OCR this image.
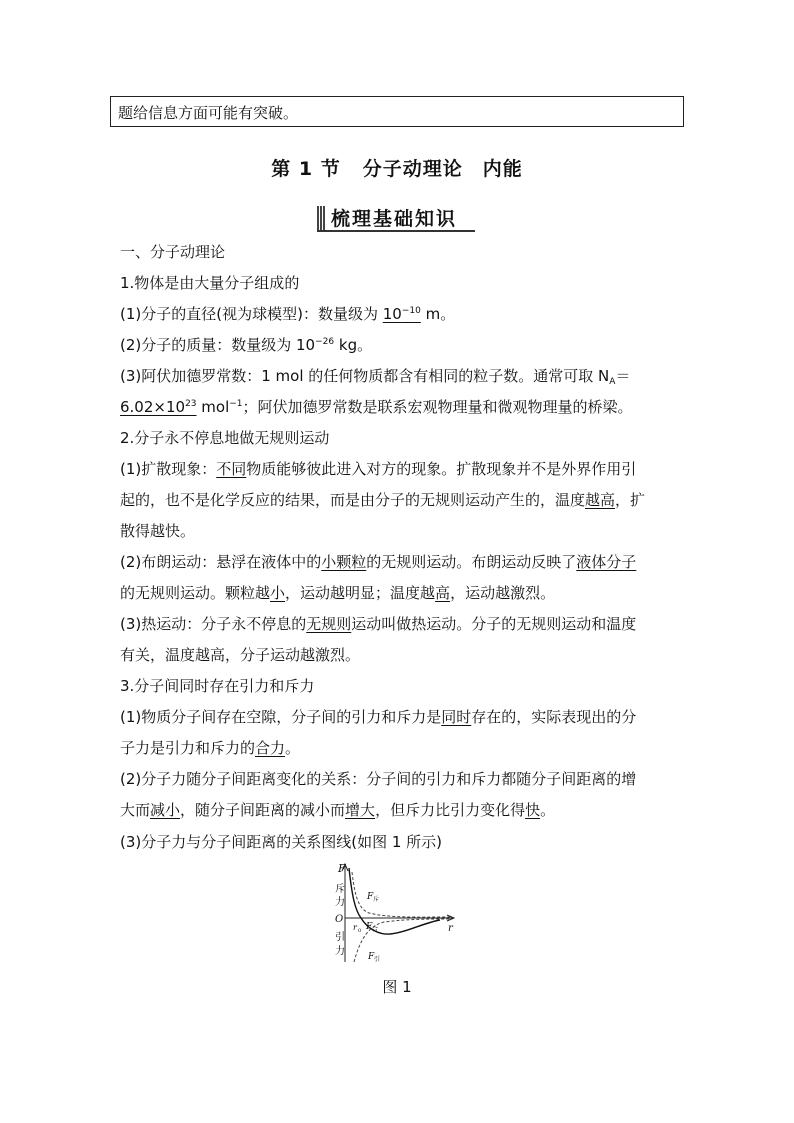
题给信息方面可能有突破。
第 1 节 分子动理论　内能
梳理基础知识
一、分子动理论
1.物体是由大量分子组成的
(1)分子的直径(视为球模型)：数量级为 $10^{-10}$ m。
(2)分子的质量：数量级为 $10^{-26}$ kg。
(3)阿伏加德罗常数：1 mol 的任何物质都含有相同的粒子数。通常可取 $N_A=$
$6.02\times 10^{23}$ mol$^{-1}$；阿伏加德罗常数是联系宏观物理量和微观物理量的桥梁。
2.分子永不停息地做无规则运动
(1)扩散现象：不同物质能够彼此进入对方的现象。扩散现象并不是外界作用引
起的，也不是化学反应的结果，而是由分子的无规则运动产生的，温度越高，扩
散得越快。
(2)布朗运动：悬浮在液体中的小颗粒的无规则运动。布朗运动反映了液体分子
的无规则运动。颗粒越小，运动越明显；温度越高，运动越激烈。
(3)热运动：分子永不停息的无规则运动叫做热运动。分子的无规则运动和温度
有关，温度越高，分子运动越激烈。
3.分子间同时存在引力和斥力
(1)物质分子间存在空隙，分子间的引力和斥力是同时存在的，实际表现出的分
子力是引力和斥力的合力。
(2)分子力随分子间距离变化的关系：分子间的引力和斥力都随分子间距离的增
大而减小，随分子间距离的减小而增大，但斥力比引力变化得快。
(3)分子力与分子间距离的关系图线(如图 1 所示)
F
斥
力
O
引
力
r
r 0
F 斥
F 合
F 引
图 1
